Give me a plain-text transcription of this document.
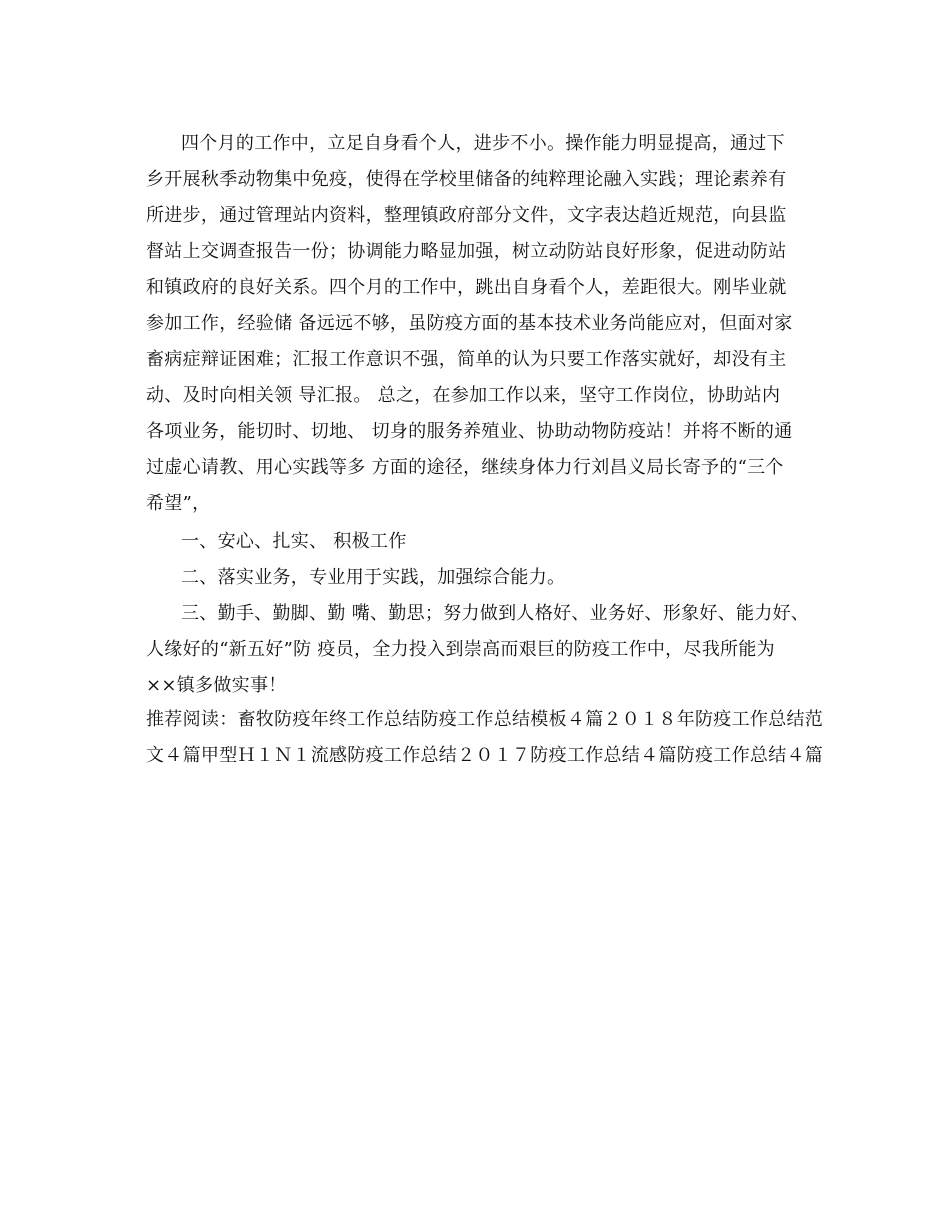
四个月的工作中，立足自身看个人，进步不小。操作能力明显提高，通过下
乡开展秋季动物集中免疫，使得在学校里储备的纯粹理论融入实践；理论素养有
所进步，通过管理站内资料，整理镇政府部分文件，文字表达趋近规范，向县监
督站上交调查报告一份；协调能力略显加强，树立动防站良好形象，促进动防站
和镇政府的良好关系。四个月的工作中，跳出自身看个人，差距很大。刚毕业就
参加工作，经验储 备远远不够，虽防疫方面的基本技术业务尚能应对，但面对家
畜病症辩证困难；汇报工作意识不强，简单的认为只要工作落实就好，却没有主
动、及时向相关领 导汇报。 总之，在参加工作以来，坚守工作岗位，协助站内
各项业务，能切时、切地、 切身的服务养殖业、协助动物防疫站！并将不断的通
过虚心请教、用心实践等多 方面的途径，继续身体力行刘昌义局长寄予的“三个
希望”，
一、安心、扎实、 积极工作
二、落实业务，专业用于实践，加强综合能力。
三、勤手、勤脚、勤 嘴、勤思；努力做到人格好、业务好、形象好、能力好、
人缘好的“新五好”防 疫员，全力投入到崇高而艰巨的防疫工作中，尽我所能为
××镇多做实事！
推荐阅读：畜牧防疫年终工作总结防疫工作总结模板４篇２０１８年防疫工作总结范
文４篇甲型Ｈ１Ｎ１流感防疫工作总结２０１７防疫工作总结４篇防疫工作总结４篇
